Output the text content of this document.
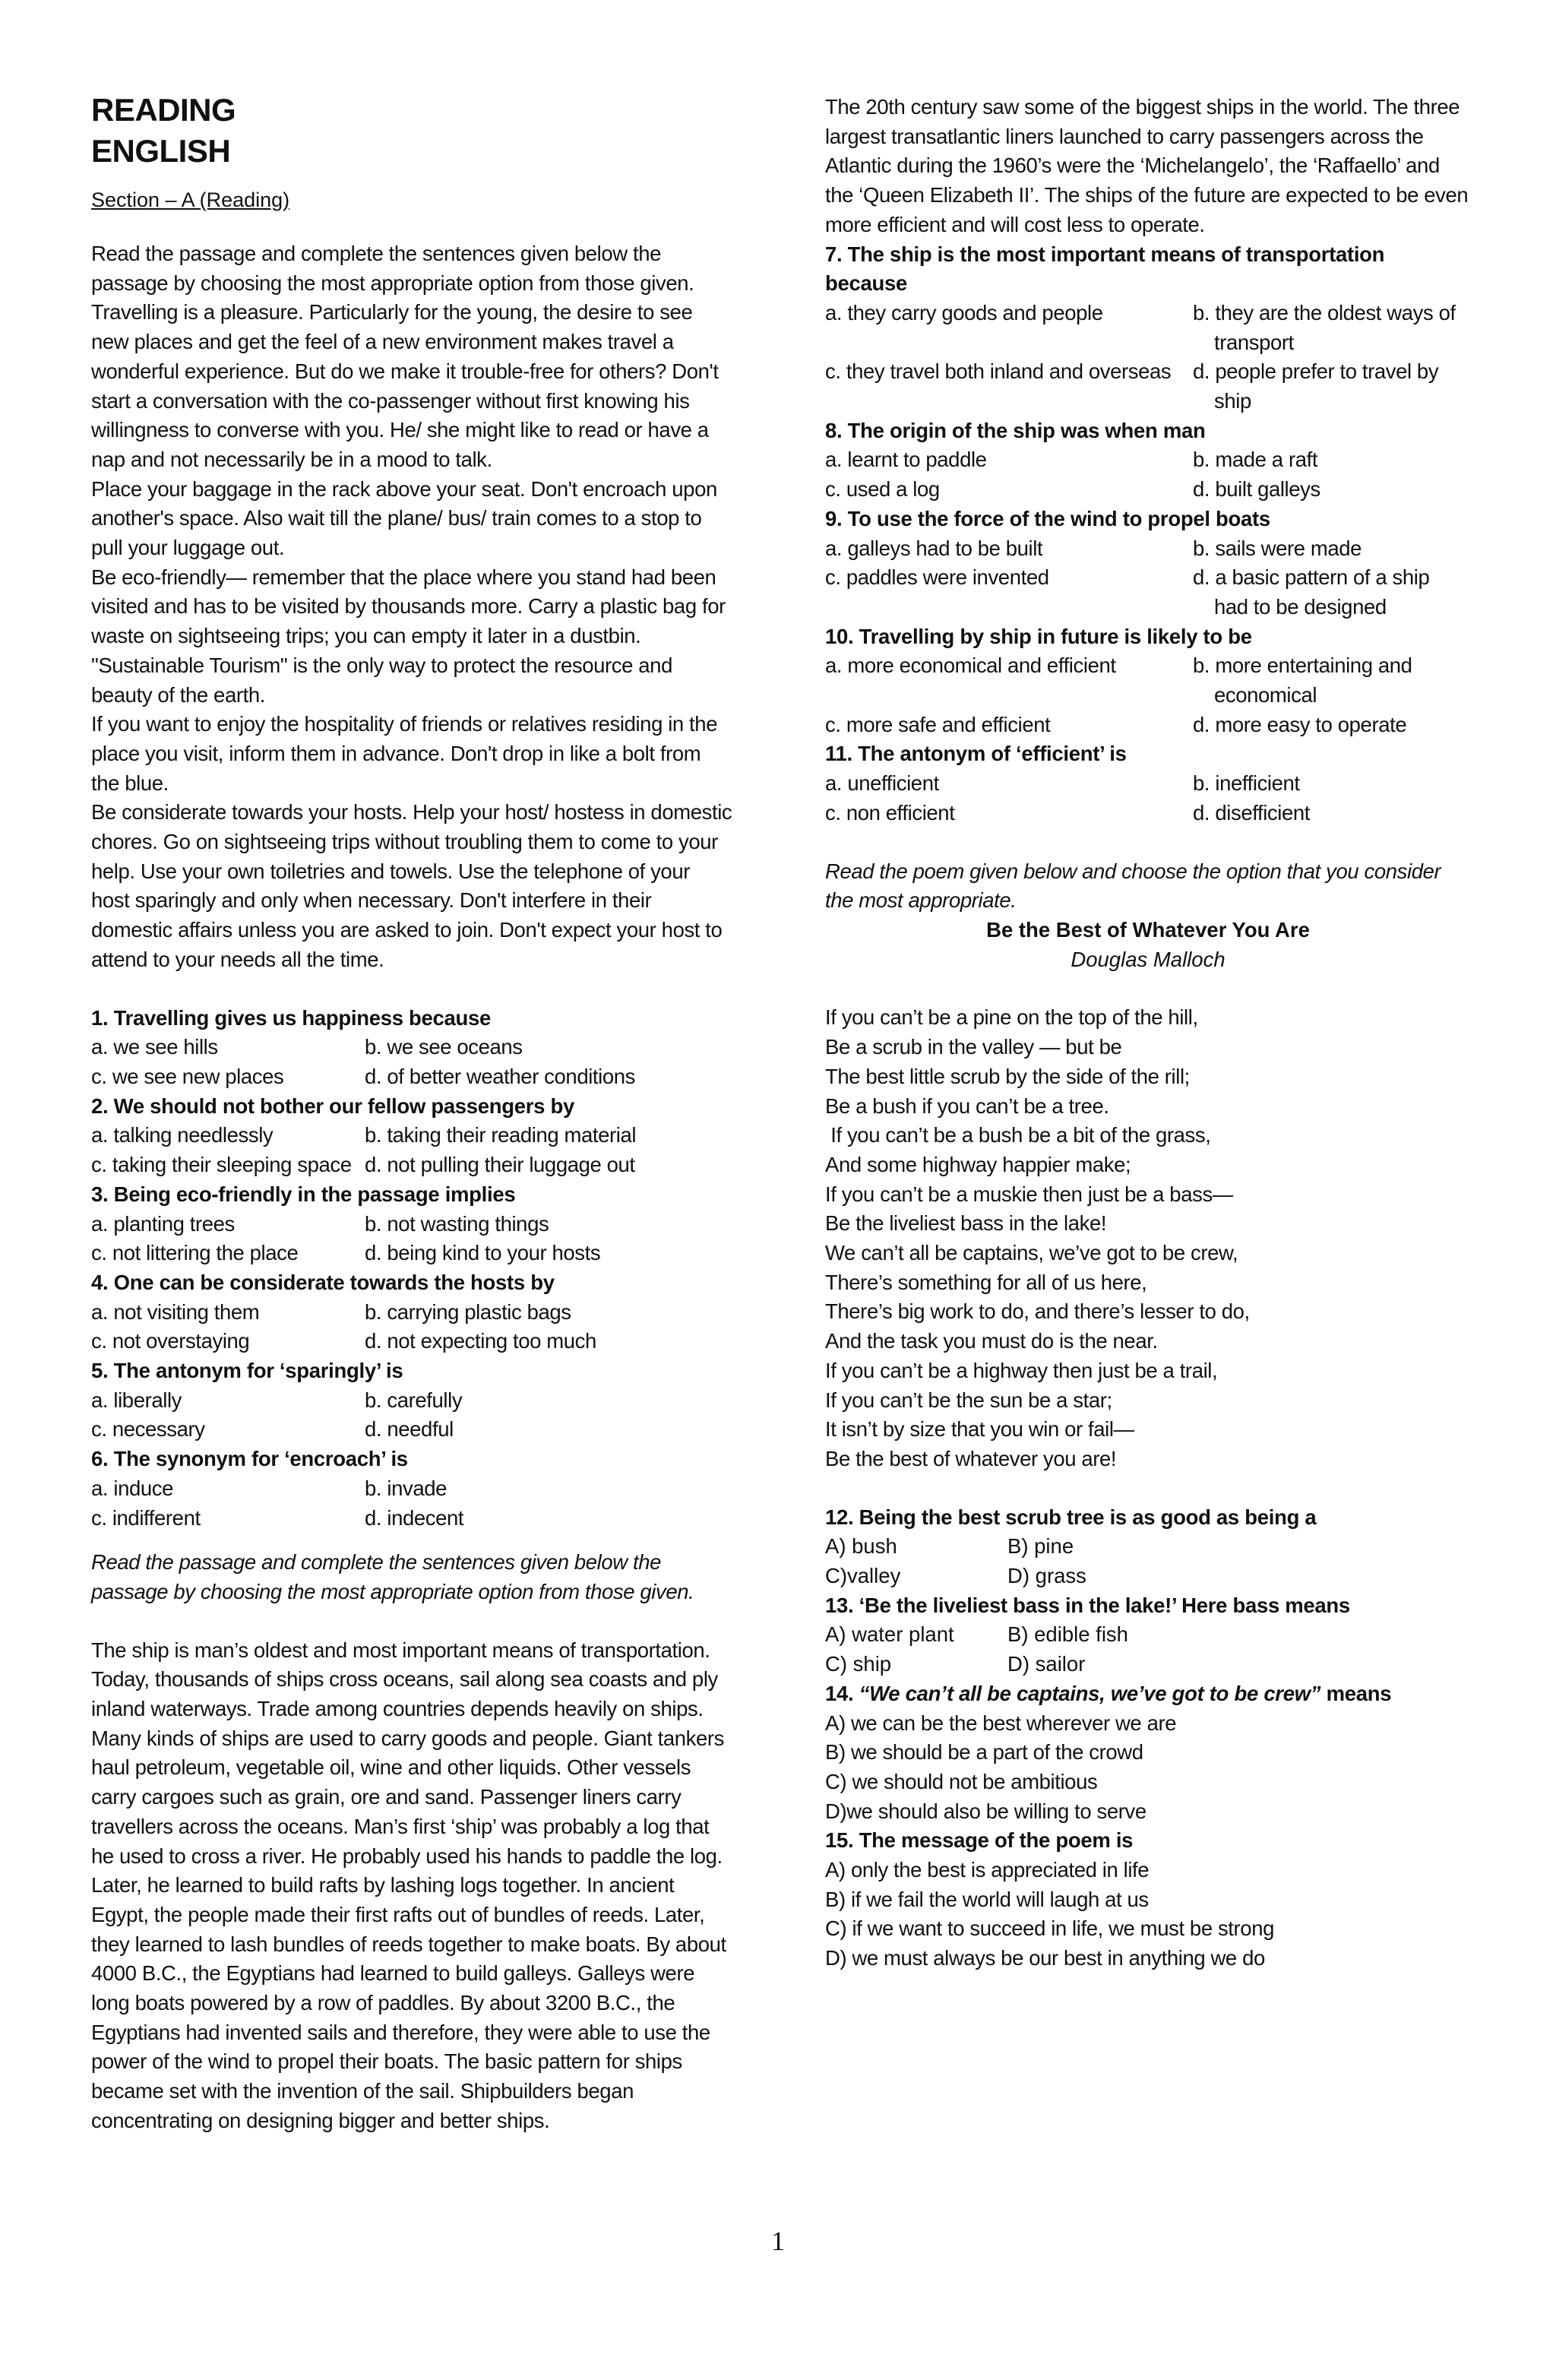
READING
ENGLISH
Section – A (Reading)

Read the passage and complete the sentences given below the passage by choosing the most appropriate option from those given. Travelling is a pleasure. Particularly for the young, the desire to see new places and get the feel of a new environment makes travel a wonderful experience. But do we make it trouble-free for others? Don't start a conversation with the co-passenger without first knowing his willingness to converse with you. He/ she might like to read or have a nap and not necessarily be in a mood to talk.

Place your baggage in the rack above your seat. Don't encroach upon another's space. Also wait till the plane/ bus/ train comes to a stop to pull your luggage out.

Be eco-friendly— remember that the place where you stand had been visited and has to be visited by thousands more. Carry a plastic bag for waste on sightseeing trips; you can empty it later in a dustbin. "Sustainable Tourism" is the only way to protect the resource and beauty of the earth.

If you want to enjoy the hospitality of friends or relatives residing in the place you visit, inform them in advance. Don't drop in like a bolt from the blue.

Be considerate towards your hosts. Help your host/ hostess in domestic chores. Go on sightseeing trips without troubling them to come to your help. Use your own toiletries and towels. Use the telephone of your host sparingly and only when necessary. Don't interfere in their domestic affairs unless you are asked to join. Don't expect your host to attend to your needs all the time.

1. Travelling gives us happiness because
a. we see hills	b. we see oceans
c. we see new places	d. of better weather conditions
2. We should not bother our fellow passengers by
a. talking needlessly	b. taking their reading material
c. taking their sleeping space d. not pulling their luggage out
3. Being eco-friendly in the passage implies
a. planting trees	b. not wasting things
c. not littering the place	d. being kind to your hosts
4. One can be considerate towards the hosts by
a. not visiting them	b. carrying plastic bags
c. not overstaying	d. not expecting too much
5. The antonym for ‘sparingly’ is
a. liberally	b. carefully
c. necessary	d. needful
6. The synonym for ‘encroach’ is
a. induce	b. invade
c. indifferent	d. indecent

Read the passage and complete the sentences given below the passage by choosing the most appropriate option from those given.

The ship is man’s oldest and most important means of transportation. Today, thousands of ships cross oceans, sail along sea coasts and ply inland waterways. Trade among countries depends heavily on ships. Many kinds of ships are used to carry goods and people. Giant tankers haul petroleum, vegetable oil, wine and other liquids. Other vessels carry cargoes such as grain, ore and sand. Passenger liners carry travellers across the oceans. Man’s first ‘ship’ was probably a log that he used to cross a river. He probably used his hands to paddle the log. Later, he learned to build rafts by lashing logs together. In ancient Egypt, the people made their first rafts out of bundles of reeds. Later, they learned to lash bundles of reeds together to make boats. By about 4000 B.C., the Egyptians had learned to build galleys. Galleys were long boats powered by a row of paddles. By about 3200 B.C., the Egyptians had invented sails and therefore, they were able to use the power of the wind to propel their boats. The basic pattern for ships became set with the invention of the sail. Shipbuilders began concentrating on designing bigger and better ships.

The 20th century saw some of the biggest ships in the world. The three largest transatlantic liners launched to carry passengers across the Atlantic during the 1960’s were the ‘Michelangelo’, the ‘Raffaello’ and the ‘Queen Elizabeth II’. The ships of the future are expected to be even more efficient and will cost less to operate.

7. The ship is the most important means of transportation because
a. they carry goods and people	b. they are the oldest ways of
transport
c. they travel both inland and overseas	d. people prefer to travel by
ship
8. The origin of the ship was when man
a. learnt to paddle	b. made a raft
c. used a log	d. built galleys
9. To use the force of the wind to propel boats
a. galleys had to be built	b. sails were made
c. paddles were invented	d. a basic pattern of a ship
had to be designed
10. Travelling by ship in future is likely to be
a. more economical and efficient	b. more entertaining and
economical
c. more safe and efficient	d. more easy to operate
11. The antonym of ‘efficient’ is
a. unefficient	b. inefficient
c. non efficient	d. disefficient

Read the poem given below and choose the option that you consider the most appropriate.

Be the Best of Whatever You Are
Douglas Malloch
If you can’t be a pine on the top of the hill,
Be a scrub in the valley — but be
The best little scrub by the side of the rill;
Be a bush if you can’t be a tree.
If you can’t be a bush be a bit of the grass,
And some highway happier make;
If you can’t be a muskie then just be a bass—
Be the liveliest bass in the lake!
We can’t all be captains, we’ve got to be crew,
There’s something for all of us here,
There’s big work to do, and there’s lesser to do,
And the task you must do is the near.
If you can’t be a highway then just be a trail,
If you can’t be the sun be a star;
It isn’t by size that you win or fail—
Be the best of whatever you are!
12. Being the best scrub tree is as good as being a
A) bush	B) pine
C)valley	D) grass
13. ‘Be the liveliest bass in the lake!’ Here bass means
A) water plant	B) edible fish
C) ship	D) sailor
14. “We can’t all be captains, we’ve got to be crew” means
A) we can be the best wherever we are
B) we should be a part of the crowd
C) we should not be ambitious
D)we should also be willing to serve
15. The message of the poem is
A) only the best is appreciated in life
B) if we fail the world will laugh at us
C) if we want to succeed in life, we must be strong
D) we must always be our best in anything we do
1
